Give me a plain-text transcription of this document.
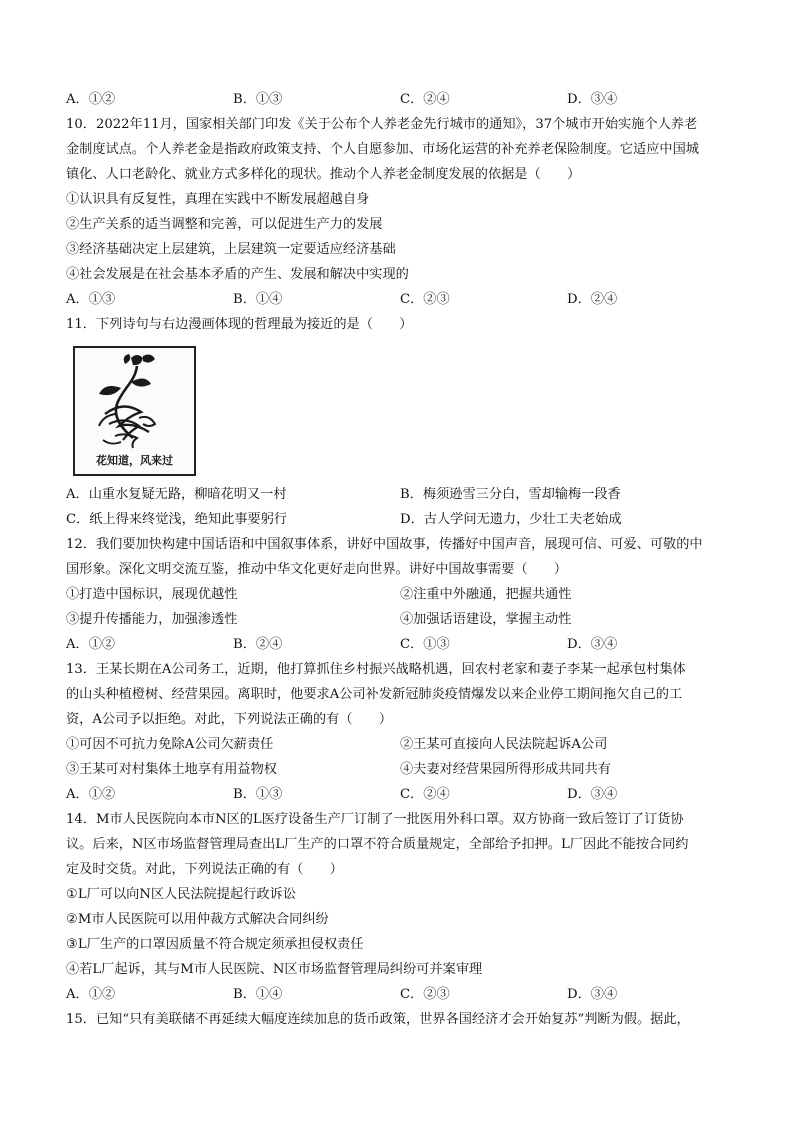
A．①②	B．①③	C．②④	D．③④
10．2022年11月，国家相关部门印发《关于公布个人养老金先行城市的通知》，37个城市开始实施个人养老
金制度试点。个人养老金是指政府政策支持、个人自愿参加、市场化运营的补充养老保险制度。它适应中国城
镇化、人口老龄化、就业方式多样化的现状。推动个人养老金制度发展的依据是（　　）
①认识具有反复性，真理在实践中不断发展超越自身
②生产关系的适当调整和完善，可以促进生产力的发展
③经济基础决定上层建筑，上层建筑一定要适应经济基础
④社会发展是在社会基本矛盾的产生、发展和解决中实现的
A．①③	B．①④	C．②③	D．②④
11．下列诗句与右边漫画体现的哲理最为接近的是（　　）
花知道，风来过
A．山重水复疑无路，柳暗花明又一村	B．梅须逊雪三分白，雪却输梅一段香
C．纸上得来终觉浅，绝知此事要躬行	D．古人学问无遗力，少壮工夫老始成
12．我们要加快构建中国话语和中国叙事体系，讲好中国故事，传播好中国声音，展现可信、可爱、可敬的中
国形象。深化文明交流互鉴，推动中华文化更好走向世界。讲好中国故事需要（　　）
①打造中国标识，展现优越性	②注重中外融通，把握共通性
③提升传播能力，加强渗透性	④加强话语建设，掌握主动性
A．①②	B．②④	C．①③	D．③④
13．王某长期在A公司务工，近期，他打算抓住乡村振兴战略机遇，回农村老家和妻子李某一起承包村集体
的山头种植橙树、经营果园。离职时，他要求A公司补发新冠肺炎疫情爆发以来企业停工期间拖欠自己的工
资，A公司予以拒绝。对此，下列说法正确的有（　　）
①可因不可抗力免除A公司欠薪责任	②王某可直接向人民法院起诉A公司
③王某可对村集体土地享有用益物权	④夫妻对经营果园所得形成共同共有
A．①②	B．①③	C．②④	D．③④
14．M市人民医院向本市N区的L医疗设备生产厂订制了一批医用外科口罩。双方协商一致后签订了订货协
议。后来，N区市场监督管理局查出L厂生产的口罩不符合质量规定，全部给予扣押。L厂因此不能按合同约
定及时交货。对此，下列说法正确的有（　　）
①L厂可以向N区人民法院提起行政诉讼
②M市人民医院可以用仲裁方式解决合同纠纷
③L厂生产的口罩因质量不符合规定须承担侵权责任
④若L厂起诉，其与M市人民医院、N区市场监督管理局纠纷可并案审理
A．①②	B．①④	C．②③	D．③④
15．已知“只有美联储不再延续大幅度连续加息的货币政策，世界各国经济才会开始复苏”判断为假。据此，
